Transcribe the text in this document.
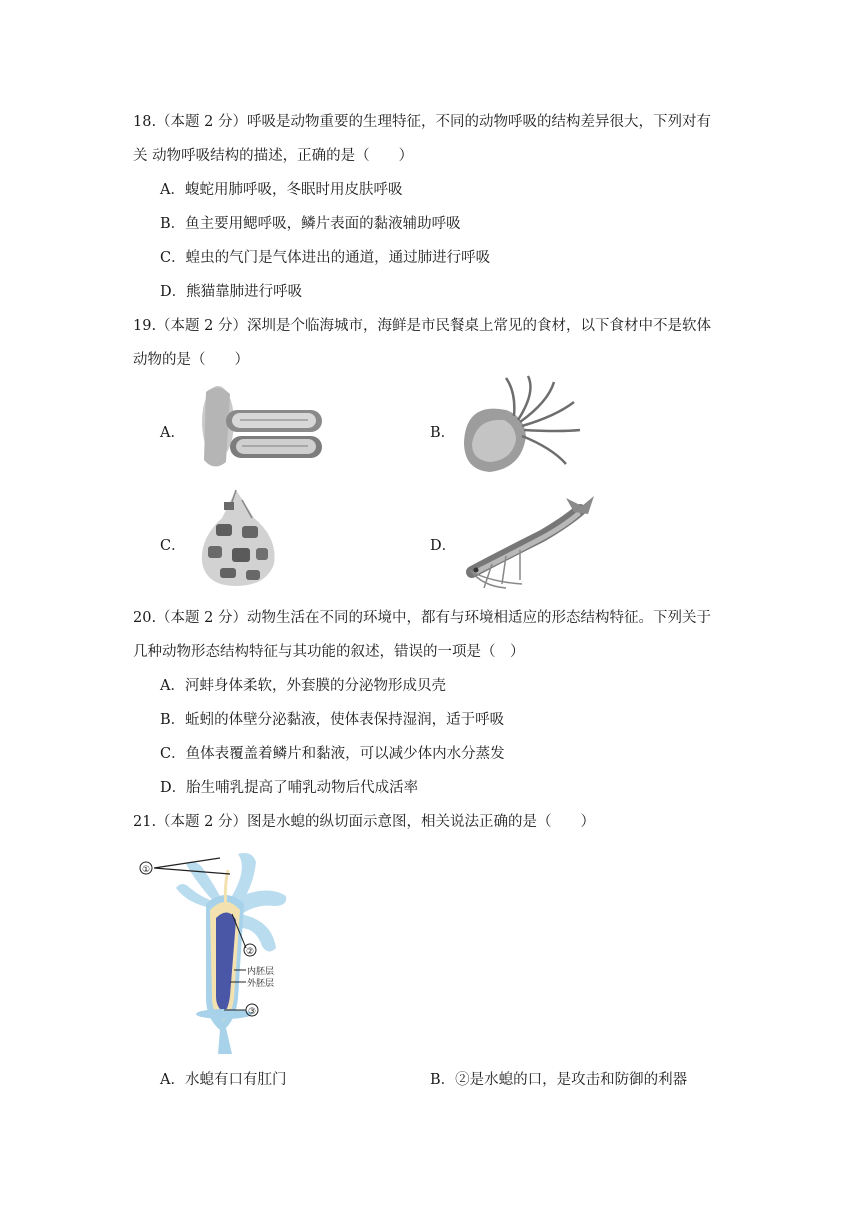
18.（本题 2 分）呼吸是动物重要的生理特征，不同的动物呼吸的结构差异很大，下列对有
关 动物呼吸结构的描述，正确的是（　　）
A．蝮蛇用肺呼吸，冬眠时用皮肤呼吸
B．鱼主要用鳃呼吸，鳞片表面的黏液辅助呼吸
C．蝗虫的气门是气体进出的通道，通过肺进行呼吸
D．熊猫靠肺进行呼吸
19.（本题 2 分）深圳是个临海城市，海鲜是市民餐桌上常见的食材，以下食材中不是软体
动物的是（　　）
A．	B．
C．	D．
20.（本题 2 分）动物生活在不同的环境中，都有与环境相适应的形态结构特征。下列关于
几种动物形态结构特征与其功能的叙述，错误的一项是（　）
A．河蚌身体柔软，外套膜的分泌物形成贝壳
B．蚯蚓的体壁分泌黏液，使体表保持湿润，适于呼吸
C．鱼体表覆盖着鳞片和黏液，可以减少体内水分蒸发
D．胎生哺乳提高了哺乳动物后代成活率
21.（本题 2 分）图是水螅的纵切面示意图，相关说法正确的是（　　）
①
②
内胚层
外胚层
③
A．水螅有口有肛门	B．②是水螅的口，是攻击和防御的利器
